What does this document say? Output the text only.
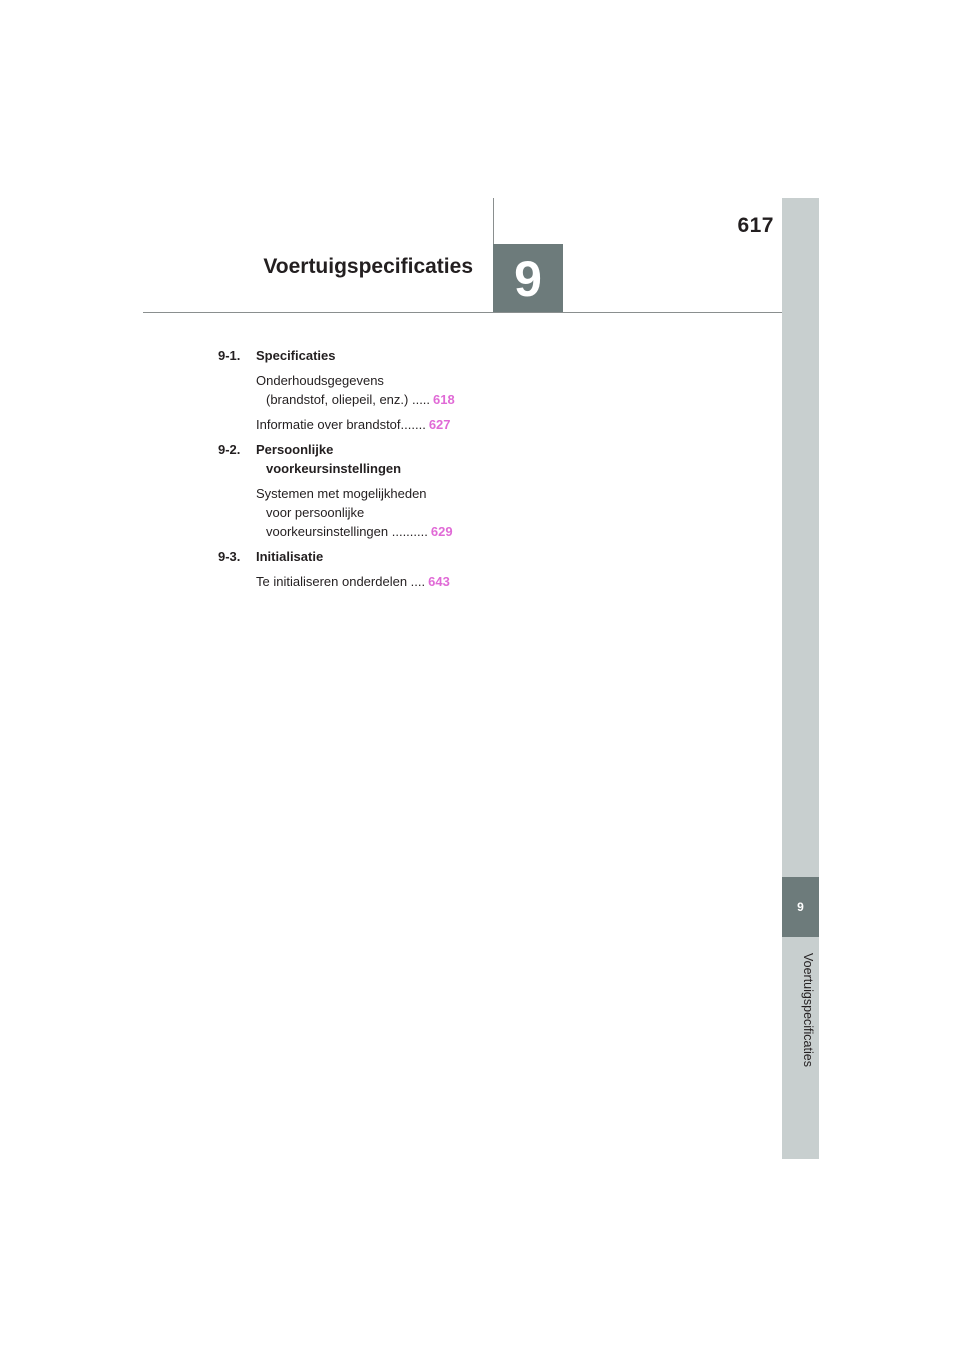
9
Voertuigspecificaties
617
9
Voertuigspecificaties
9-1.	Specificaties
Onderhoudsgegevens
(brandstof, oliepeil, enz.) ..... 618
Informatie over brandstof....... 627
9-2.	Persoonlijke
voorkeursinstellingen
Systemen met mogelijkheden
voor persoonlijke
voorkeursinstellingen .......... 629
9-3.	Initialisatie
Te initialiseren onderdelen .... 643
